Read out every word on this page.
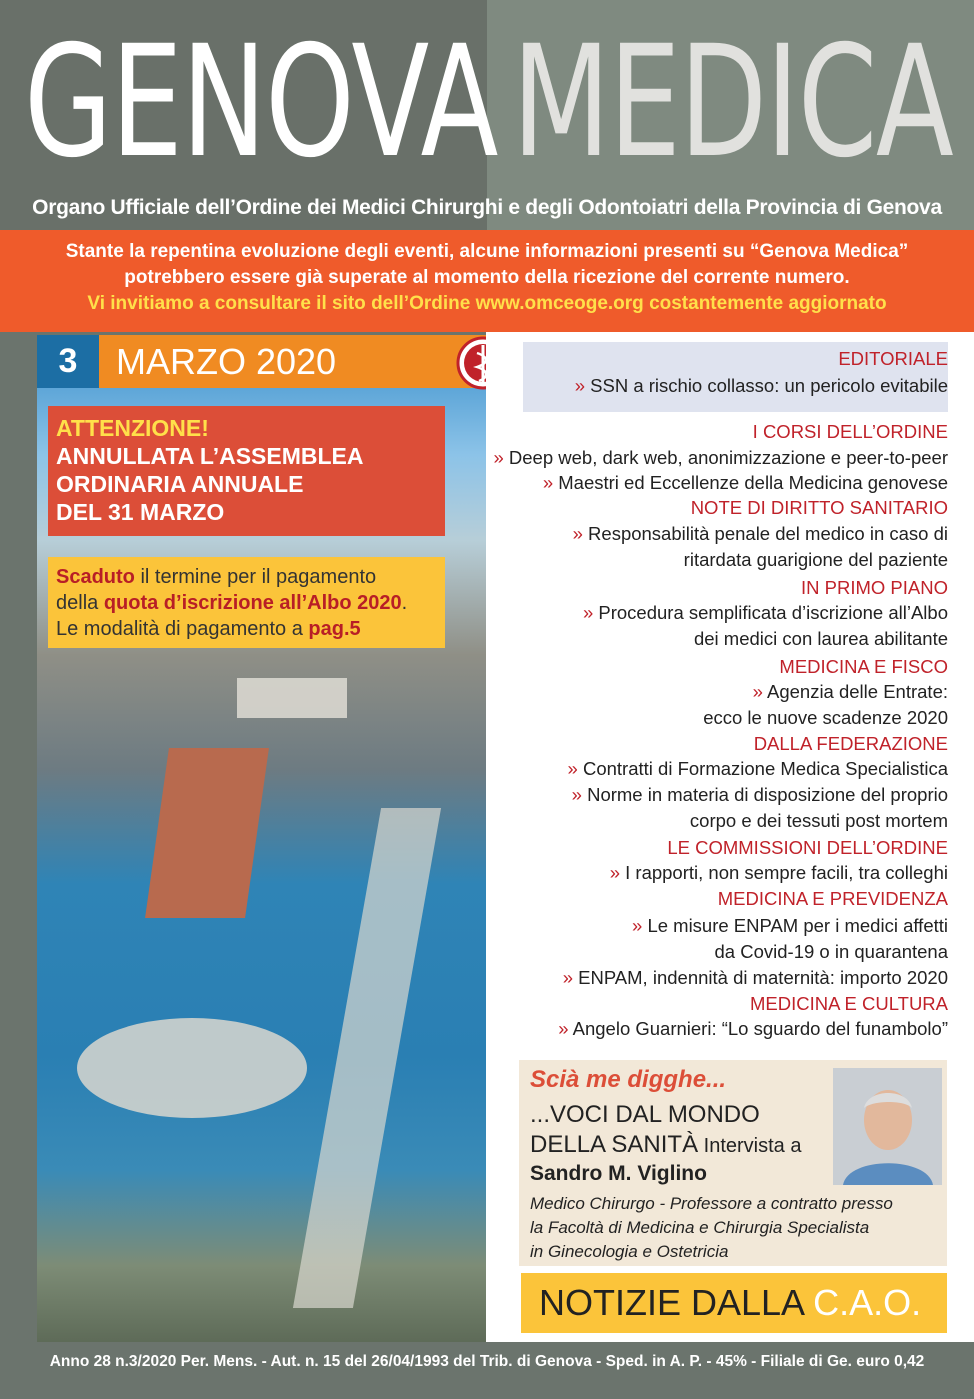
GENOVA MEDICA
Organo Ufficiale dell’Ordine dei Medici Chirurghi e degli Odontoiatri della Provincia di Genova
Stante la repentina evoluzione degli eventi, alcune informazioni presenti su “Genova Medica”
potrebbero essere già superate al momento della ricezione del corrente numero.
Vi invitiamo a consultare il sito dell’Ordine www.omceoge.org costantemente aggiornato
3	MARZO 2020
ATTENZIONE!
ANNULLATA L’ASSEMBLEA
ORDINARIA ANNUALE
DEL 31 MARZO
Scaduto il termine per il pagamento
della quota d’iscrizione all’Albo 2020.
Le modalità di pagamento a pag.5
EDITORIALE
» SSN a rischio collasso: un pericolo evitabile
I CORSI DELL’ORDINE
» Deep web, dark web, anonimizzazione e peer-to-peer
» Maestri ed Eccellenze della Medicina genovese
NOTE DI DIRITTO SANITARIO
» Responsabilità penale del medico in caso di
ritardata guarigione del paziente
IN PRIMO PIANO
» Procedura semplificata d’iscrizione all’Albo
dei medici con laurea abilitante
MEDICINA E FISCO
» Agenzia delle Entrate:
ecco le nuove scadenze 2020
DALLA FEDERAZIONE
» Contratti di Formazione Medica Specialistica
» Norme in materia di disposizione del proprio
corpo e dei tessuti post mortem
LE COMMISSIONI DELL’ORDINE
» I rapporti, non sempre facili, tra colleghi
MEDICINA E PREVIDENZA
» Le misure ENPAM per i medici affetti
da Covid-19 o in quarantena
» ENPAM, indennità di maternità: importo 2020
MEDICINA E CULTURA
» Angelo Guarnieri: “Lo sguardo del funambolo”
Scià me digghe...
...VOCI DAL MONDO
DELLA SANITÀ Intervista a
Sandro M. Viglino
Medico Chirurgo - Professore a contratto presso
la Facoltà di Medicina e Chirurgia Specialista
in Ginecologia e Ostetricia
NOTIZIE DALLA C.A.O.
Anno 28 n.3/2020 Per. Mens. - Aut. n. 15 del 26/04/1993 del Trib. di Genova - Sped. in A. P. - 45% - Filiale di Ge. euro 0,42
